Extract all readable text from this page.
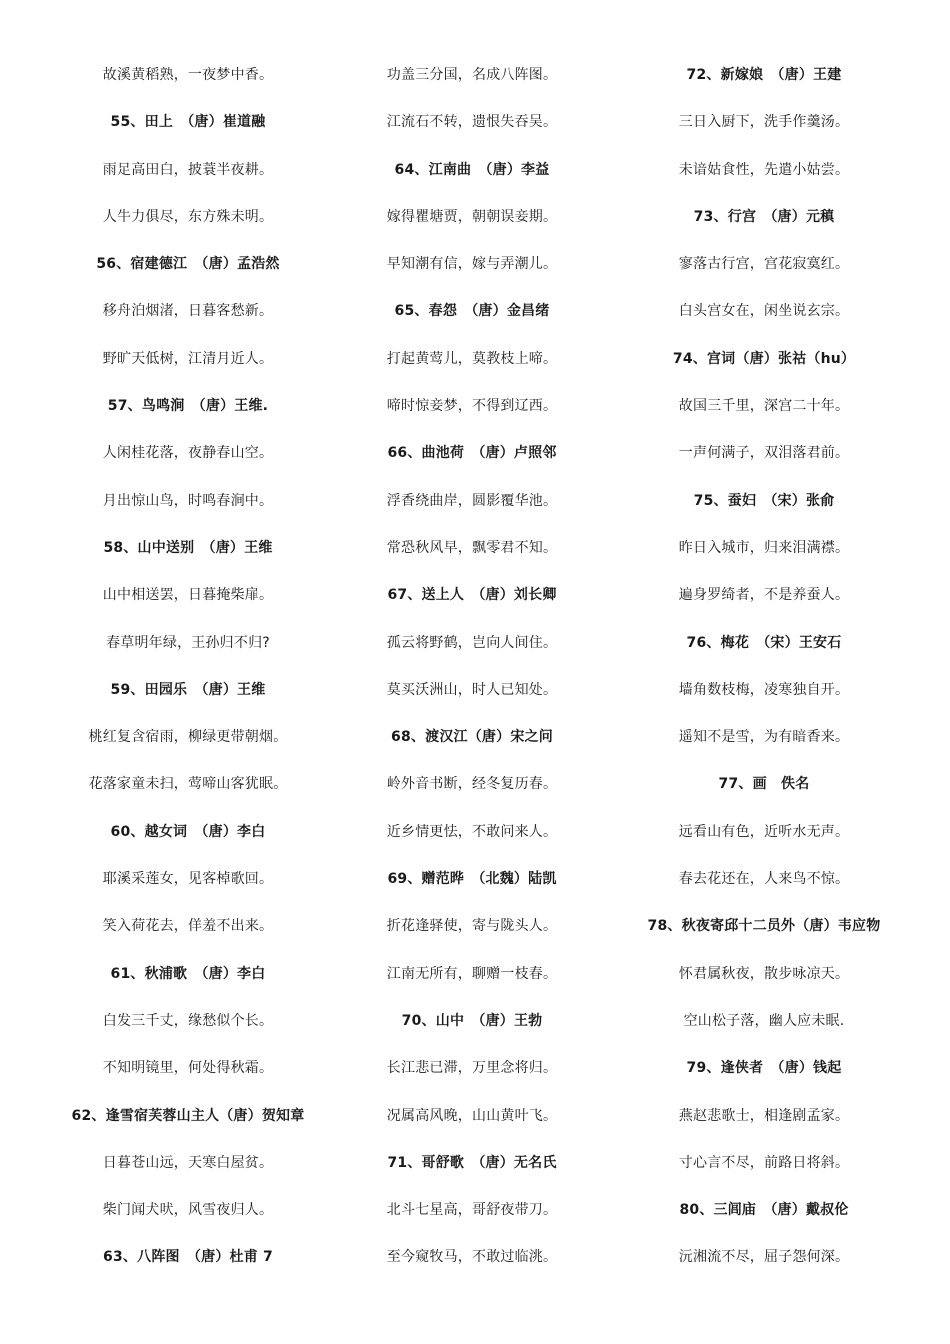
故溪黄稻熟，一夜梦中香。
55、田上　（唐）崔道融
雨足高田白，披蓑半夜耕。
人牛力俱尽，东方殊未明。
56、宿建德江　（唐）孟浩然
移舟泊烟渚，日暮客愁新。
野旷天低树，江清月近人。
57、鸟鸣涧　（唐）王维.
人闲桂花落，夜静春山空。
月出惊山鸟，时鸣春涧中。
58、山中送别　（唐）王维
山中相送罢，日暮掩柴扉。
春草明年绿，王孙归不归?
59、田园乐　（唐）王维
桃红复含宿雨，柳绿更带朝烟。
花落家童未扫，莺啼山客犹眠。
60、越女词　（唐）李白
耶溪采莲女，见客棹歌回。
笑入荷花去，佯羞不出来。
61、秋浦歌　（唐）李白
白发三千丈，缘愁似个长。
不知明镜里，何处得秋霜。
62、逢雪宿芙蓉山主人（唐）贺知章
日暮苍山远，天寒白屋贫。
柴门闻犬吠，风雪夜归人。
63、八阵图　（唐）杜甫 7
功盖三分国，名成八阵图。
江流石不转，遗恨失吞吴。
64、江南曲　（唐）李益
嫁得瞿塘贾，朝朝误妾期。
早知潮有信，嫁与弄潮儿。
65、春怨　（唐）金昌绪
打起黄莺儿，莫教枝上啼。
啼时惊妾梦，不得到辽西。
66、曲池荷　（唐）卢照邻
浮香绕曲岸，圆影覆华池。
常恐秋风早，飘零君不知。
67、送上人　（唐）刘长卿
孤云将野鹤，岂向人间住。
莫买沃洲山，时人已知处。
68、渡汉江（唐）宋之问
岭外音书断，经冬复历春。
近乡情更怯，不敢问来人。
69、赠范晔　（北魏）陆凯
折花逢驿使，寄与陇头人。
江南无所有，聊赠一枝春。
70、山中　（唐）王勃
长江悲已滞，万里念将归。
况属高风晚，山山黄叶飞。
71、哥舒歌　（唐）无名氏
北斗七星高，哥舒夜带刀。
至今窥牧马，不敢过临洮。
72、新嫁娘　（唐）王建
三日入厨下，洗手作羹汤。
未谙姑食性，先遣小姑尝。
73、行宫　（唐）元稹
寥落古行宫，宫花寂寞红。
白头宫女在，闲坐说玄宗。
74、宫词（唐）张祜（hu）
故国三千里，深宫二十年。
一声何满子，双泪落君前。
75、蚕妇　（宋）张俞
昨日入城市，归来泪满襟。
遍身罗绮者，不是养蚕人。
76、梅花　（宋）王安石
墙角数枝梅，凌寒独自开。
遥知不是雪，为有暗香来。
77、画　佚名
远看山有色，近听水无声。
春去花还在，人来鸟不惊。
78、秋夜寄邱十二员外（唐）韦应物
怀君属秋夜，散步咏凉天。
空山松子落，幽人应未眠.
79、逢侠者　（唐）钱起
燕赵悲歌士，相逢剧孟家。
寸心言不尽，前路日将斜。
80、三闾庙　（唐）戴叔伦
沅湘流不尽，屈子怨何深。
